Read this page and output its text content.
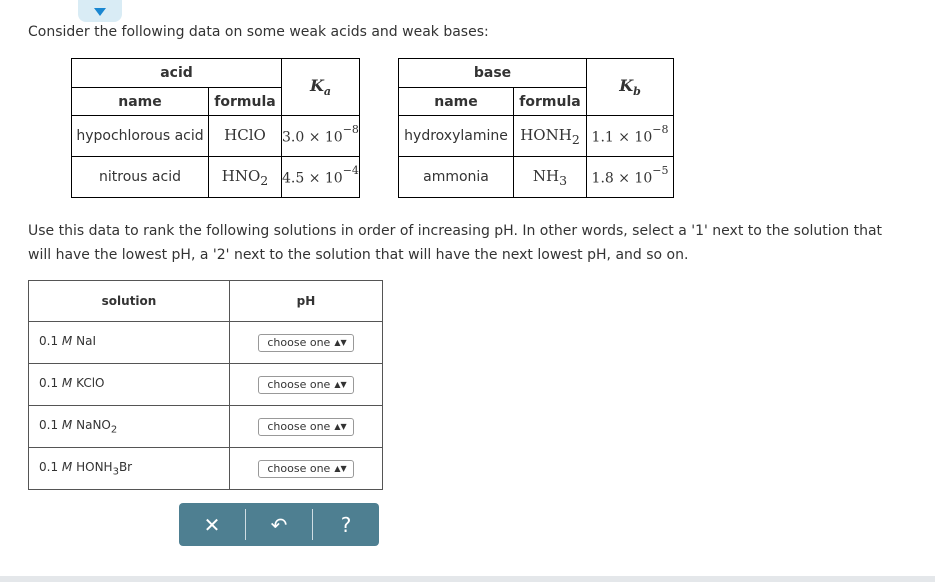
Consider the following data on some weak acids and weak bases:
acid		$K_a$
name	formula	
hypochlorous acid	HClO	$3.0 \times 10^{-8}$
nitrous acid	$HNO_2$	$4.5 \times 10^{-4}$
base		$K_b$
name	formula	
hydroxylamine	$HONH_2$	$1.1 \times 10^{-8}$
ammonia	$NH_3$	$1.8 \times 10^{-5}$
Use this data to rank the following solutions in order of increasing pH. In other words, select a '1' next to the solution that will have the lowest pH, a '2' next to the solution that will have the next lowest pH, and so on.
solution	pH
0.1 M NaI	choose one ▲▼
0.1 M KClO	choose one ▲▼
0.1 M NaNO$_2$	choose one ▲▼
0.1 M $HONH_3Br$	choose one ▲▼
✕	↶	?
